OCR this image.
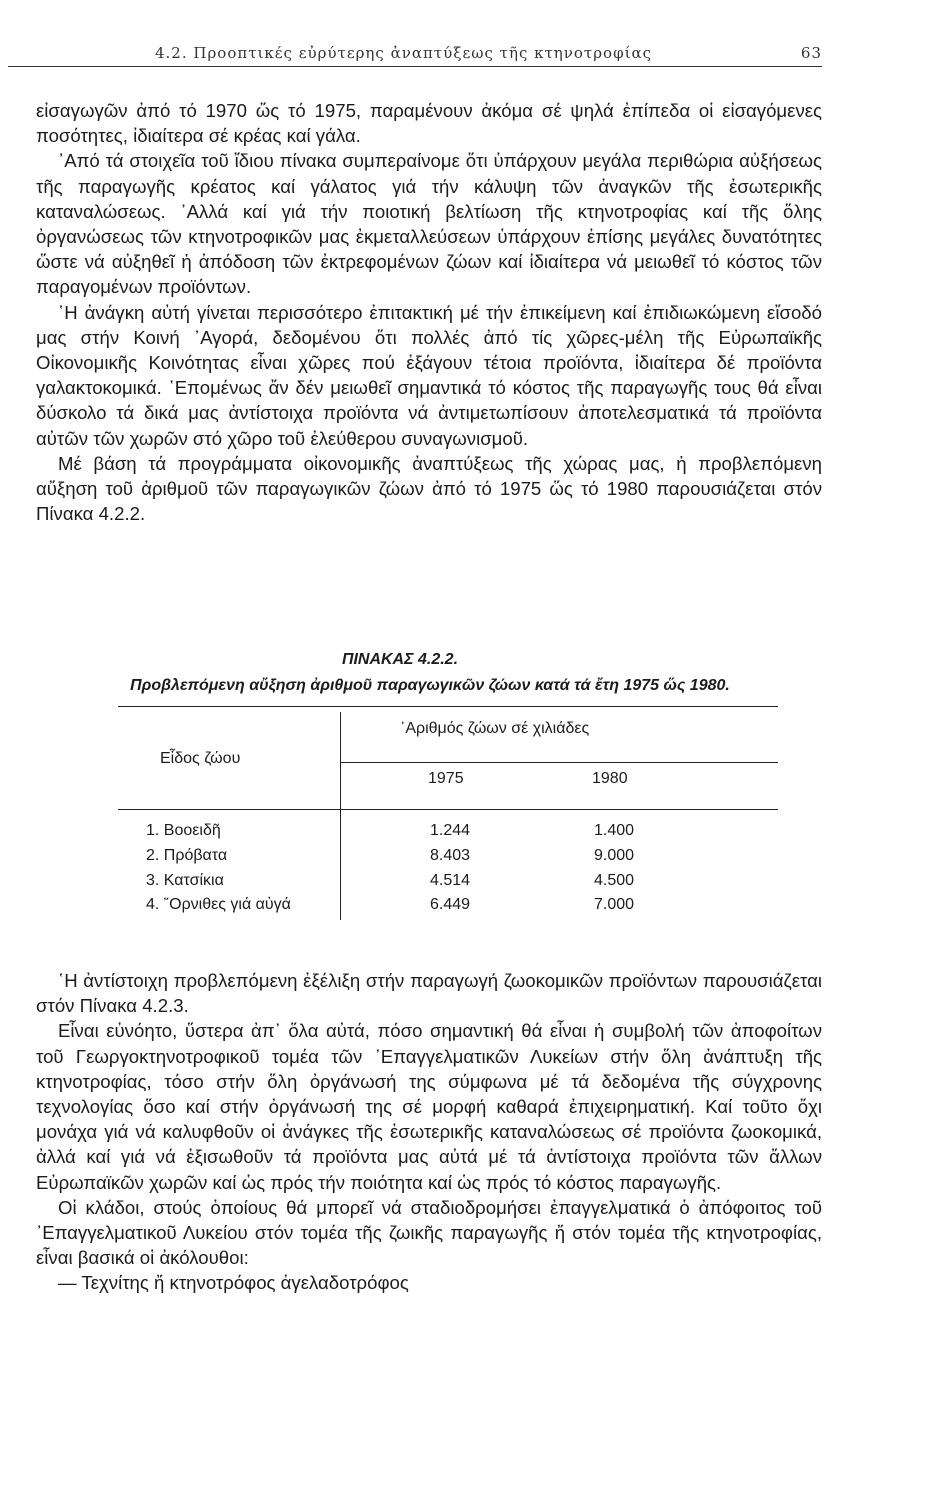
4.2. Προοπτικές εὐρύτερης ἀναπτύξεως τῆς κτηνοτροφίας	63

εἰσαγωγῶν ἀπό τό 1970 ὥς τό 1975, παραμένουν ἀκόμα σέ ψηλά ἐπίπεδα οἱ εἰσαγόμενες ποσότητες, ἰδιαίτερα σέ κρέας καί γάλα.

᾽Από τά στοιχεῖα τοῦ ἴδιου πίνακα συμπεραίνομε ὅτι ὑπάρχουν μεγάλα περιθώρια αὐξήσεως τῆς παραγωγῆς κρέατος καί γάλατος γιά τήν κάλυψη τῶν ἀναγκῶν τῆς ἐσωτερικῆς καταναλώσεως. ᾽Αλλά καί γιά τήν ποιοτική βελτίωση τῆς κτηνοτροφίας καί τῆς ὅλης ὀργανώσεως τῶν κτηνοτροφικῶν μας ἐκμεταλλεύσεων ὑπάρχουν ἐπίσης μεγάλες δυνατότητες ὥστε νά αὐξηθεῖ ἡ ἀπόδοση τῶν ἐκτρεφομένων ζώων καί ἰδιαίτερα νά μειωθεῖ τό κόστος τῶν παραγομένων προϊόντων.

῾Η ἀνάγκη αὐτή γίνεται περισσότερο ἐπιτακτική μέ τήν ἐπικείμενη καί ἐπιδιωκώμενη εἴσοδό μας στήν Κοινή ᾽Αγορά, δεδομένου ὅτι πολλές ἀπό τίς χῶρες-μέλη τῆς Εὐρωπαϊκῆς Οἰκονομικῆς Κοινότητας εἶναι χῶρες πού ἐξάγουν τέτοια προϊόντα, ἰδιαίτερα δέ προϊόντα γαλακτοκομικά. ῾Επομένως ἄν δέν μειωθεῖ σημαντικά τό κόστος τῆς παραγωγῆς τους θά εἶναι δύσκολο τά δικά μας ἀντίστοιχα προϊόντα νά ἀντιμετωπίσουν ἀποτελεσματικά τά προϊόντα αὐτῶν τῶν χωρῶν στό χῶρο τοῦ ἐλεύθερου συναγωνισμοῦ.

Μέ βάση τά προγράμματα οἰκονομικῆς ἀναπτύξεως τῆς χώρας μας, ἡ προβλεπόμενη αὔξηση τοῦ ἀριθμοῦ τῶν παραγωγικῶν ζώων ἀπό τό 1975 ὥς τό 1980 παρουσιάζεται στόν Πίνακα 4.2.2.

ΠΙΝΑΚΑΣ 4.2.2.
Προβλεπόμενη αὔξηση ἀριθμοῦ παραγωγικῶν ζώων κατά τά ἔτη 1975 ὥς 1980.
Εἶδος ζώου
᾽Αριθμός ζώων σέ χιλιάδες
1975	1980
1. Βοοειδῆ	1.244	1.400
2. Πρόβατα	8.403	9.000
3. Κατσίκια	4.514	4.500
4. ῎Ορνιθες γιά αὐγά	6.449	7.000

῾Η ἀντίστοιχη προβλεπόμενη ἐξέλιξη στήν παραγωγή ζωοκομικῶν προϊόντων παρουσιάζεται στόν Πίνακα 4.2.3.

Εἶναι εὐνόητο, ὕστερα ἀπ᾽ ὅλα αὐτά, πόσο σημαντική θά εἶναι ἡ συμβολή τῶν ἀποφοίτων τοῦ Γεωργοκτηνοτροφικοῦ τομέα τῶν ᾽Επαγγελματικῶν Λυκείων στήν ὅλη ἀνάπτυξη τῆς κτηνοτροφίας, τόσο στήν ὅλη ὀργάνωσή της σύμφωνα μέ τά δεδομένα τῆς σύγχρονης τεχνολογίας ὅσο καί στήν ὀργάνωσή της σέ μορφή καθαρά ἐπιχειρηματική. Καί τοῦτο ὄχι μονάχα γιά νά καλυφθοῦν οἱ ἀνάγκες τῆς ἐσωτερικῆς καταναλώσεως σέ προϊόντα ζωοκομικά, ἀλλά καί γιά νά ἐξισωθοῦν τά προϊόντα μας αὐτά μέ τά ἀντίστοιχα προϊόντα τῶν ἄλλων Εὐρωπαϊκῶν χωρῶν καί ὡς πρός τήν ποιότητα καί ὡς πρός τό κόστος παραγωγῆς.

Οἱ κλάδοι, στούς ὁποίους θά μπορεῖ νά σταδιοδρομήσει ἐπαγγελματικά ὁ ἀπόφοιτος τοῦ ᾽Επαγγελματικοῦ Λυκείου στόν τομέα τῆς ζωικῆς παραγωγῆς ἤ στόν τομέα τῆς κτηνοτροφίας, εἶναι βασικά οἱ ἀκόλουθοι:

— Τεχνίτης ἤ κτηνοτρόφος ἀγελαδοτρόφος
